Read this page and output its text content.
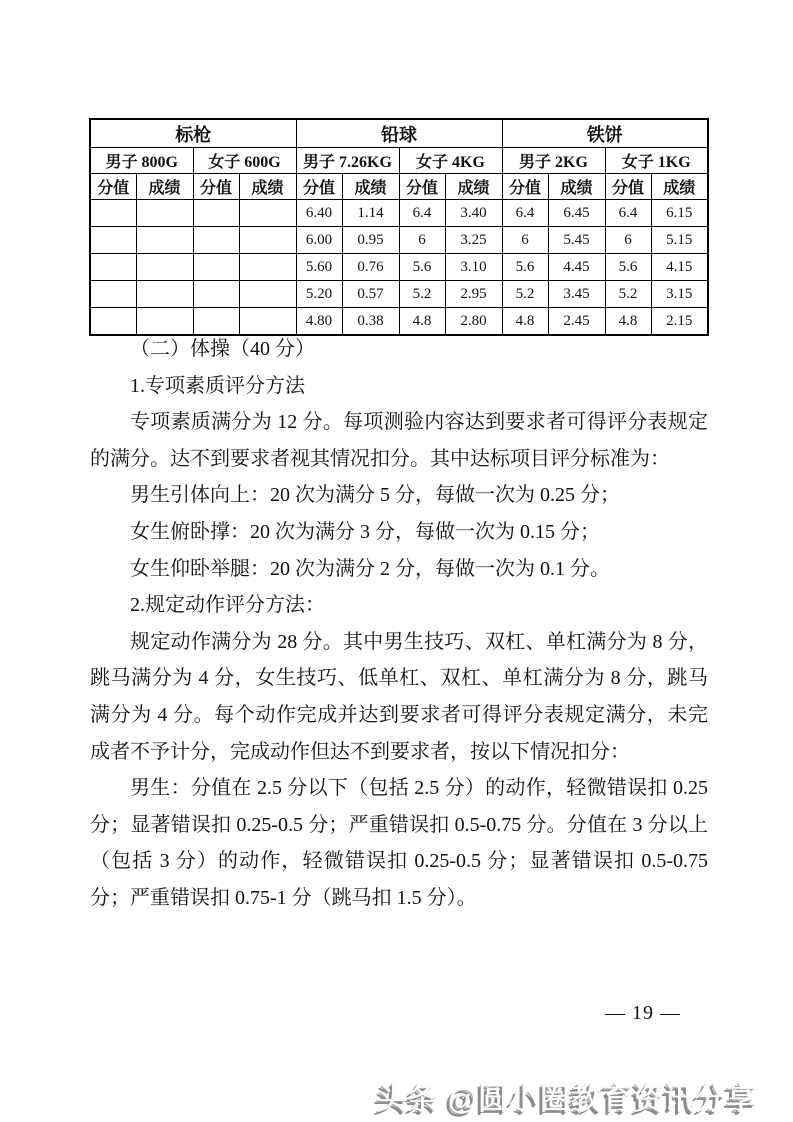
标枪				铅球				铁饼			
男子 800G		女子 600G		男子 7.26KG		女子 4KG		男子 2KG		女子 1KG	
分值	成绩	分值	成绩	分值	成绩	分值	成绩	分值	成绩	分值	成绩
				6.40	1.14	6.4	3.40	6.4	6.45	6.4	6.15
				6.00	0.95	6	3.25	6	5.45	6	5.15
				5.60	0.76	5.6	3.10	5.6	4.45	5.6	4.15
				5.20	0.57	5.2	2.95	5.2	3.45	5.2	3.15
				4.80	0.38	4.8	2.80	4.8	2.45	4.8	2.15

（二）体操（40 分）

1.专项素质评分方法

专项素质满分为 12 分。每项测验内容达到要求者可得评分表规定的满分。达不到要求者视其情况扣分。其中达标项目评分标准为：

男生引体向上：20 次为满分 5 分，每做一次为 0.25 分；

女生俯卧撑：20 次为满分 3 分，每做一次为 0.15 分；

女生仰卧举腿：20 次为满分 2 分，每做一次为 0.1 分。

2.规定动作评分方法：

规定动作满分为 28 分。其中男生技巧、双杠、单杠满分为 8 分，跳马满分为 4 分，女生技巧、低单杠、双杠、单杠满分为 8 分，跳马满分为 4 分。每个动作完成并达到要求者可得评分表规定满分，未完成者不予计分，完成动作但达不到要求者，按以下情况扣分：

男生：分值在 2.5 分以下（包括 2.5 分）的动作，轻微错误扣 0.25 分；显著错误扣 0.25-0.5 分；严重错误扣 0.5-0.75 分。分值在 3 分以上（包括 3 分）的动作，轻微错误扣 0.25-0.5 分；显著错误扣 0.5-0.75 分；严重错误扣 0.75-1 分（跳马扣 1.5 分）。

— 19 —
头条 @圆小圈教育资讯分享
